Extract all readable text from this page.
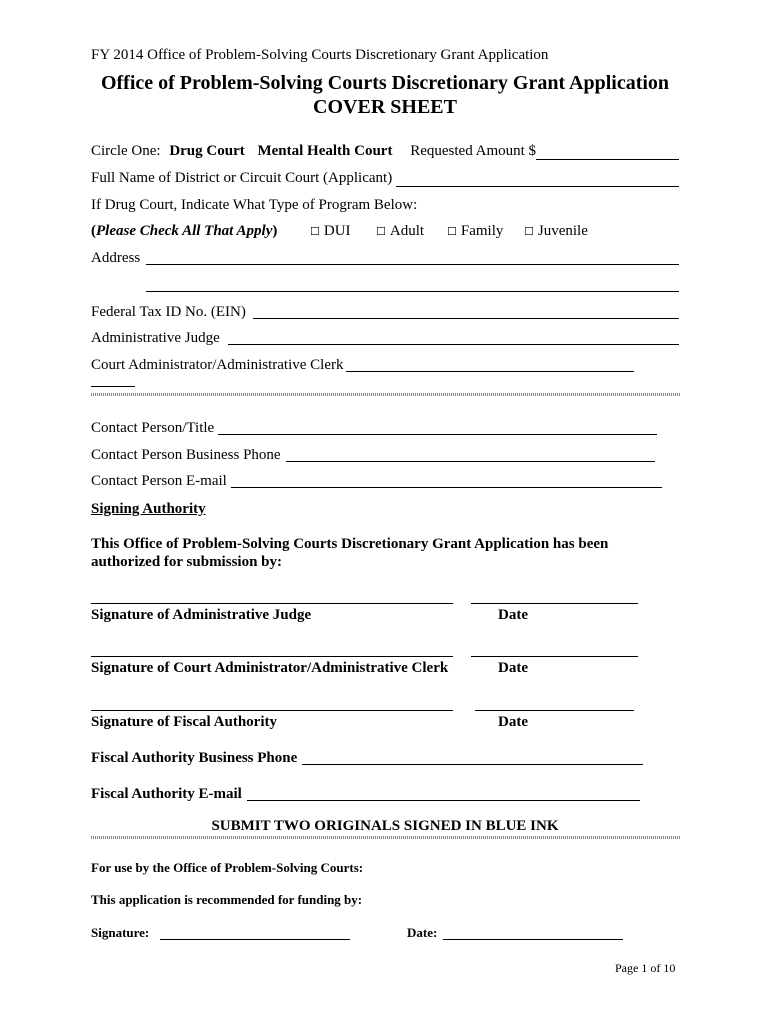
FY 2014 Office of Problem-Solving Courts Discretionary Grant Application
Office of Problem-Solving Courts Discretionary Grant Application
COVER SHEET
Circle One: Drug Court Mental Health Court Requested Amount $
Full Name of District or Circuit Court (Applicant)
If Drug Court, Indicate What Type of Program Below:
(Please Check All That Apply)	☐ DUI ☐ Adult ☐ Family ☐ Juvenile
Address
Federal Tax ID No. (EIN)
Administrative Judge
Court Administrator/Administrative Clerk
Contact Person/Title
Contact Person Business Phone
Contact Person E-mail
Signing Authority
This Office of Problem-Solving Courts Discretionary Grant Application has been
authorized for submission by:
Signature of Administrative Judge	Date
Signature of Court Administrator/Administrative Clerk	Date
Signature of Fiscal Authority	Date
Fiscal Authority Business Phone
Fiscal Authority E-mail
SUBMIT TWO ORIGINALS SIGNED IN BLUE INK
For use by the Office of Problem-Solving Courts:
This application is recommended for funding by:
Signature:	Date:
Page 1 of 10
